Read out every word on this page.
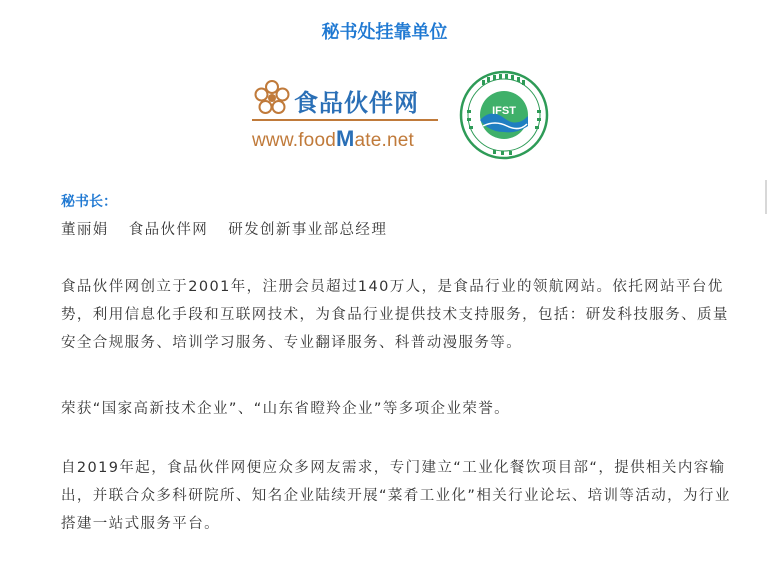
秘书处挂靠单位
食品伙伴网
www.foodMate.net
IFST
秘书长：
董丽娟 食品伙伴网 研发创新事业部总经理
食品伙伴网创立于2001年，注册会员超过140万人，是食品行业的领航网站。依托网站平台优势，利用信息化手段和互联网技术，为食品行业提供技术支持服务，包括：研发科技服务、质量安全合规服务、培训学习服务、专业翻译服务、科普动漫服务等。
荣获“国家高新技术企业”、“山东省瞪羚企业”等多项企业荣誉。
自2019年起，食品伙伴网便应众多网友需求，专门建立“工业化餐饮项目部“，提供相关内容输出，并联合众多科研院所、知名企业陆续开展“菜肴工业化”相关行业论坛、培训等活动，为行业搭建一站式服务平台。
